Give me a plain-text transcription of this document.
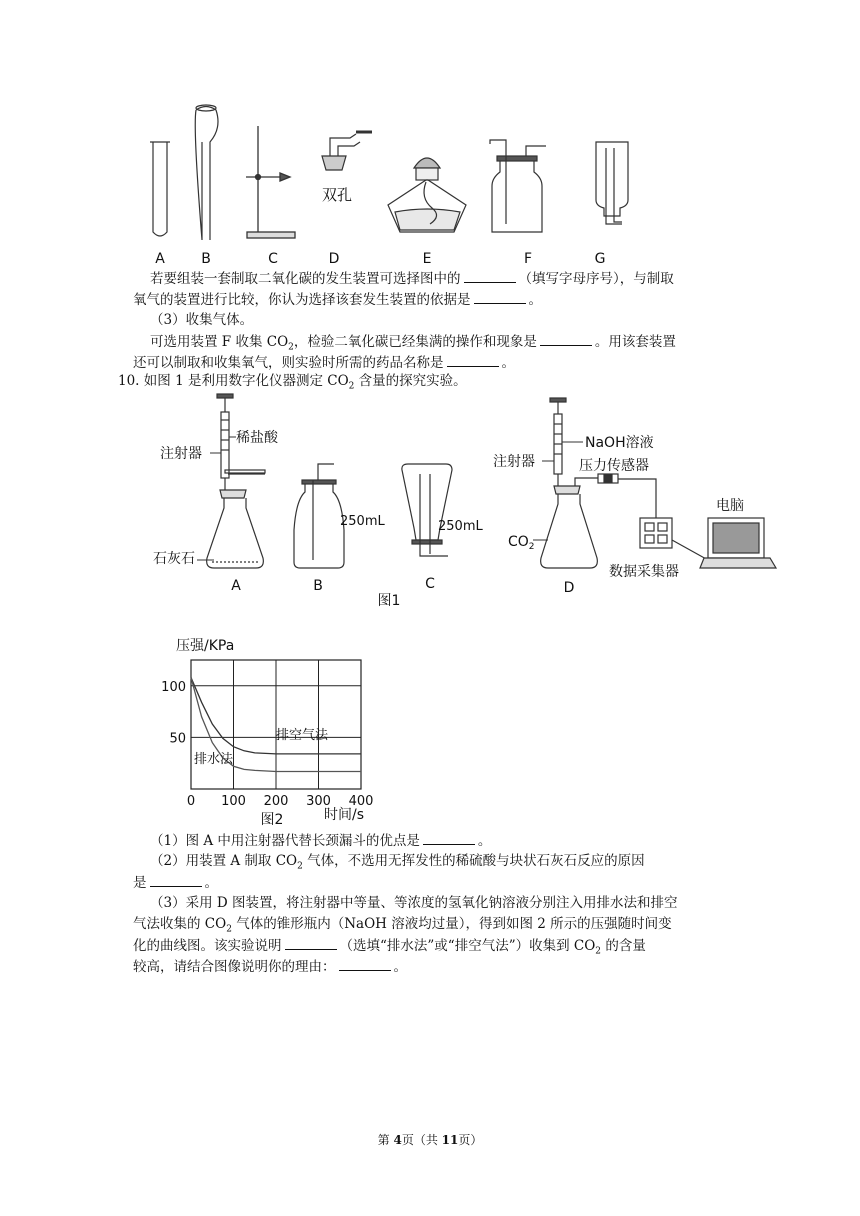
双孔
A	B	C	D	E	F	G
若要组装一套制取二氧化碳的发生装置可选择图中的	（填写字母序号），与制取
氧气的装置进行比较，你认为选择该套发生装置的依据是	。
（3）收集气体。
可选用装置 F 收集 $CO_2$，检验二氧化碳已经集满的操作和现象是	。用该套装置
还可以制取和收集氧气，则实验时所需的药品名称是	。
10. 如图 1 是利用数字化仪器测定 $CO_2$ 含量的探究实验。
注射器
稀盐酸
石灰石
A
250mL
B
250mL
C
图1
NaOH溶液
压力传感器
注射器
$CO_2$
电脑
数据采集器
D
压强/KPa
0 100 200 300 400
50
100
排空气法
排水法
时间/s
图2
（1）图 A 中用注射器代替长颈漏斗的优点是	。
（2）用装置 A 制取 $CO_2$ 气体，不选用无挥发性的稀硫酸与块状石灰石反应的原因
是	。
（3）采用 D 图装置，将注射器中等量、等浓度的氢氧化钠溶液分别注入用排水法和排空
气法收集的 $CO_2$ 气体的锥形瓶内（NaOH 溶液均过量），得到如图 2 所示的压强随时间变
化的曲线图。该实验说明	（选填“排水法”或“排空气法”）收集到 $CO_2$ 的含量
较高，请结合图像说明你的理由：	。
第 4页（共 11页）
